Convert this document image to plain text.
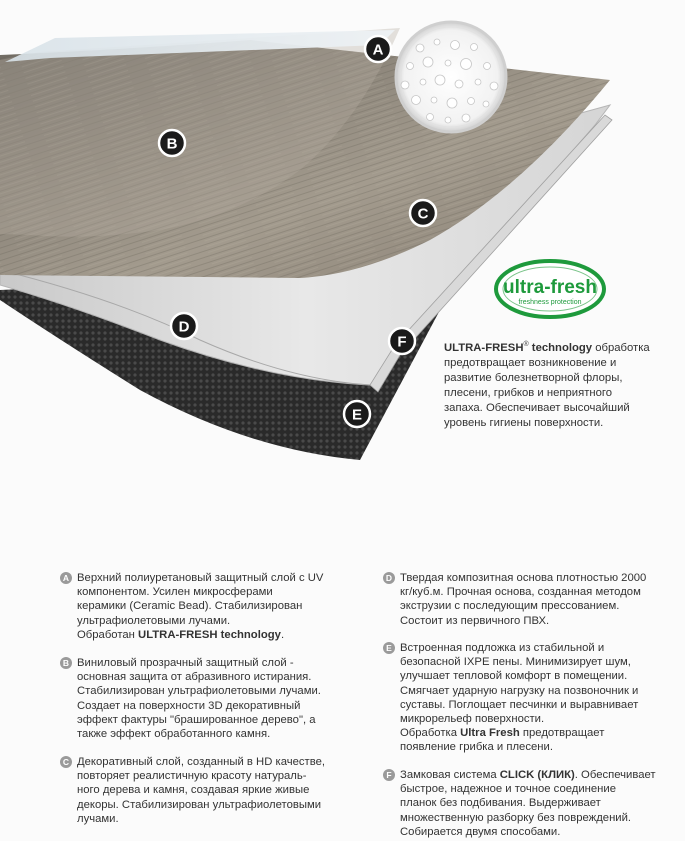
A
B
C
D
F
E
ultra-fresh
freshness protection
ULTRA-FRESH® technology обработка
предотвращает возникновение и
развитие болезнетворной флоры,
плесени, грибков и неприятного
запаха. Обеспечивает высочайший
уровень гигиены поверхности.
A Верхний полиуретановый защитный слой с UV
компонентом. Усилен микросферами
керамики (Ceramic Bead). Стабилизирован
ультрафиолетовыми лучами.
Обработан ULTRA-FRESH technology.
B Виниловый прозрачный защитный слой -
основная защита от абразивного истирания.
Стабилизирован ультрафиолетовыми лучами.
Создает на поверхности 3D декоративный
эффект фактуры "брашированное дерево", а
также эффект обработанного камня.
C Декоративный слой, созданный в HD качестве,
повторяет реалистичную красоту натураль-
ного дерева и камня, создавая яркие живые
декоры. Стабилизирован ультрафиолетовыми
лучами.
D Твердая композитная основа плотностью 2000
кг/куб.м. Прочная основа, созданная методом
экструзии с последующим прессованием.
Состоит из первичного ПВХ.
E Встроенная подложка из стабильной и
безопасной IXPE пены. Минимизирует шум,
улучшает тепловой комфорт в помещении.
Смягчает ударную нагрузку на позвоночник и
суставы. Поглощает песчинки и выравнивает
микрорельеф поверхности.
Обработка Ultra Fresh предотвращает
появление грибка и плесени.
F Замковая система CLICK (КЛИК). Обеспечивает
быстрое, надежное и точное соединение
планок без подбивания. Выдерживает
множественную разборку без повреждений.
Собирается двумя способами.
